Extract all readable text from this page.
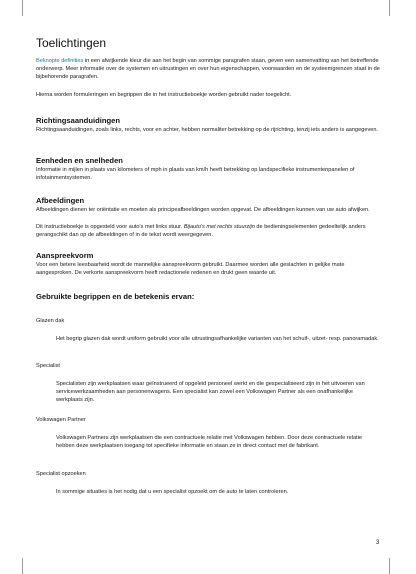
Toelichtingen

Beknopte definities in een afwijkende kleur die aan het begin van sommige paragrafen staan, geven een samenvatting van het betreffende onderwerp. Meer informatie over de systemen en uitrustingen en over hun eigenschappen, voorwaarden en de systeemgrenzen staat in de bijbehorende paragrafen.

Hierna worden formuleringen en begrippen die in het instructieboekje worden gebruikt nader toegelicht.

Richtingsaanduidingen

Richtingsaanduidingen, zoals links, rechts, voor en achter, hebben normaliter betrekking op de rijrichting, tenzij iets anders is aangegeven.

Eenheden en snelheden

Informatie in mijlen in plaats van kilometers of mph in plaats van km/h heeft betrekking op landspecifieke instrumentenpanelen of infotainmentsystemen.

Afbeeldingen

Afbeeldingen dienen ter oriëntatie en moeten als principeafbeeldingen worden opgevat. De afbeeldingen kunnen van uw auto afwijken.

Dit instructieboekje is opgesteld voor auto's met links stuur. Bijauto's met rechts stuurzijn de bedieningselementen gedeeltelijk anders gerangschikt dan op de afbeeldingen of in de tekst wordt weergegeven.

Aanspreekvorm

Voor een betere leesbaarheid wordt de mannelijke aanspreekvorm gebruikt. Daarmee worden alle geslachten in gelijke mate aangesproken. De verkorte aanspreekvorm heeft redactionele redenen en drukt geen waarde uit.

Gebruikte begrippen en de betekenis ervan:

Glazen dak

Het begrip glazen dak wordt uniform gebruikt voor alle uitrustingsafhankelijke varianten van het schuif-, uitzet- resp. panoramadak.

Specialist

Specialisten zijn werkplaatsen waar geïnstrueerd of opgeleid personeel werkt en die gespecialiseerd zijn in het uitvoeren van servicewerkzaamheden aan personenwagens. Een specialist kan zowel een Volkswagen Partner als een onafhankelijke werkplaats zijn.

Volkswagen Partner

Volkswagen Partners zijn werkplaatsen die een contractuele relatie met Volkswagen hebben. Door deze contractuele relatie hebben deze werkplaatsen toegang tot specifieke informatie en staan ze in direct contact met de fabrikant.

Specialist opzoeken

In sommige situaties is het nodig dat u een specialist opzoekt om de auto te laten controleren.

3
